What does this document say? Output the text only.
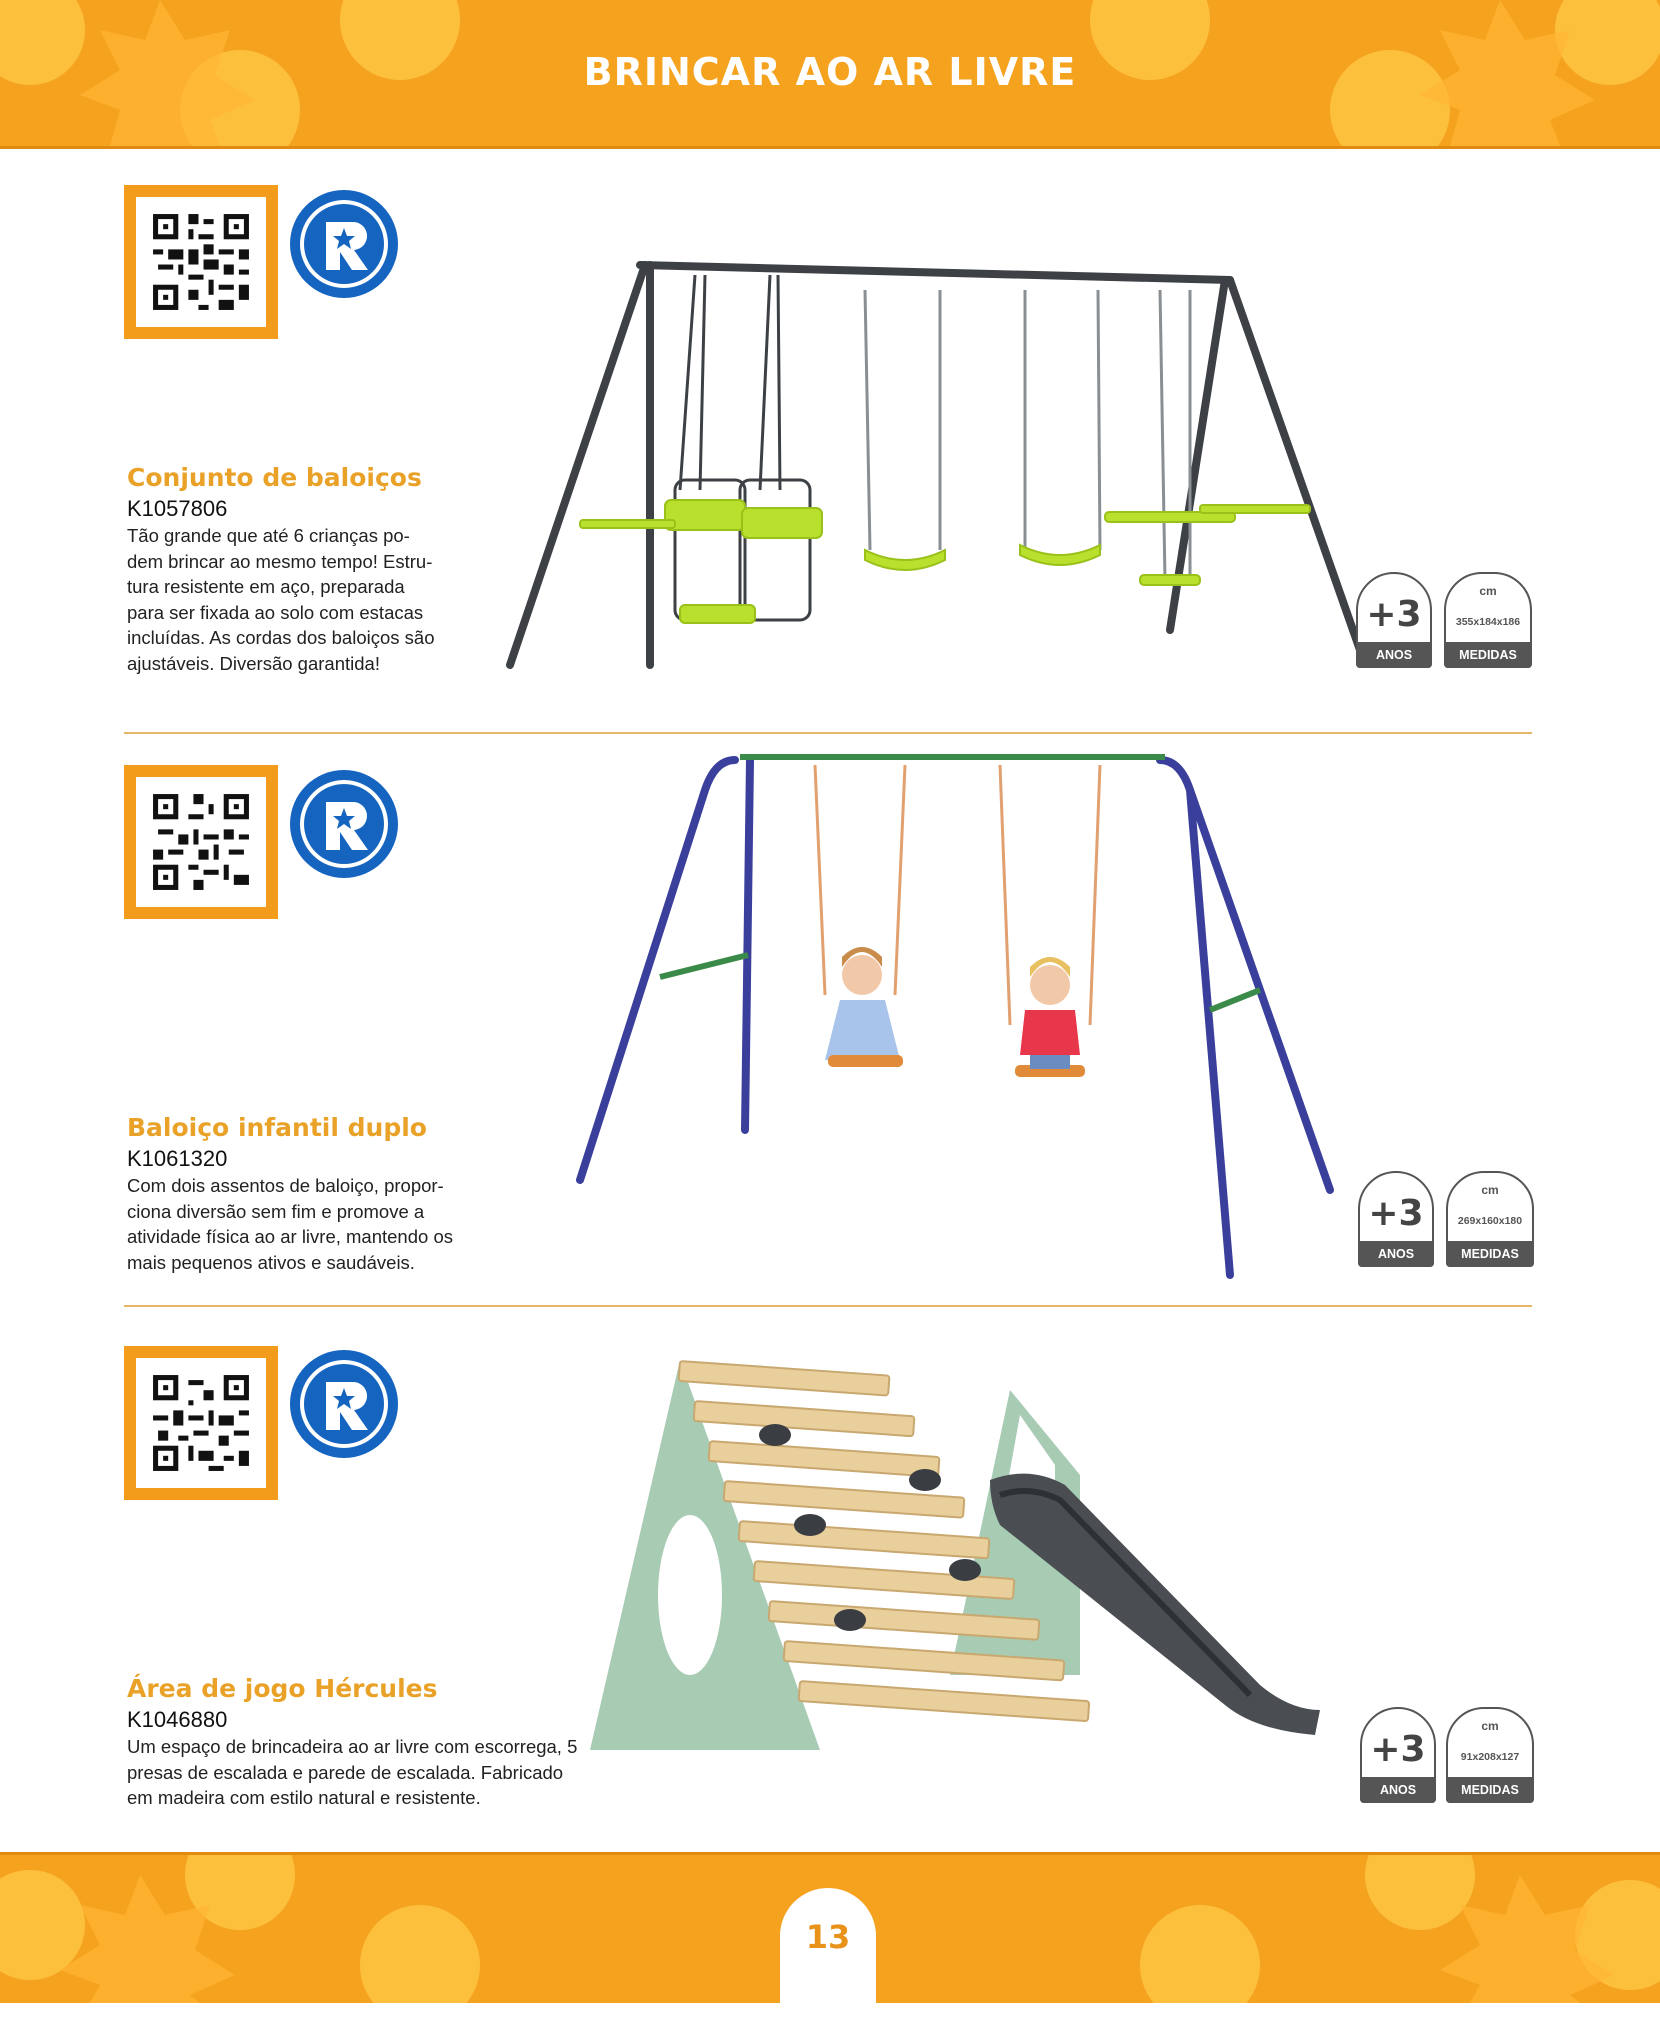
BRINCAR AO AR LIVRE
Conjunto de baloiços
K1057806
Tão grande que até 6 crianças po-
dem brincar ao mesmo tempo! Estru-
tura resistente em aço, preparada
para ser fixada ao solo com estacas
incluídas. As cordas dos baloiços são
ajustáveis. Diversão garantida!
+3
ANOS
cm
355x184x186
MEDIDAS
Baloiço infantil duplo
K1061320
Com dois assentos de baloiço, propor-
ciona diversão sem fim e promove a
atividade física ao ar livre, mantendo os
mais pequenos ativos e saudáveis.
+3
ANOS
cm
269x160x180
MEDIDAS
Área de jogo Hércules
K1046880
Um espaço de brincadeira ao ar livre com escorrega, 5
presas de escalada e parede de escalada. Fabricado
em madeira com estilo natural e resistente.
+3
ANOS
cm
91x208x127
MEDIDAS
13
